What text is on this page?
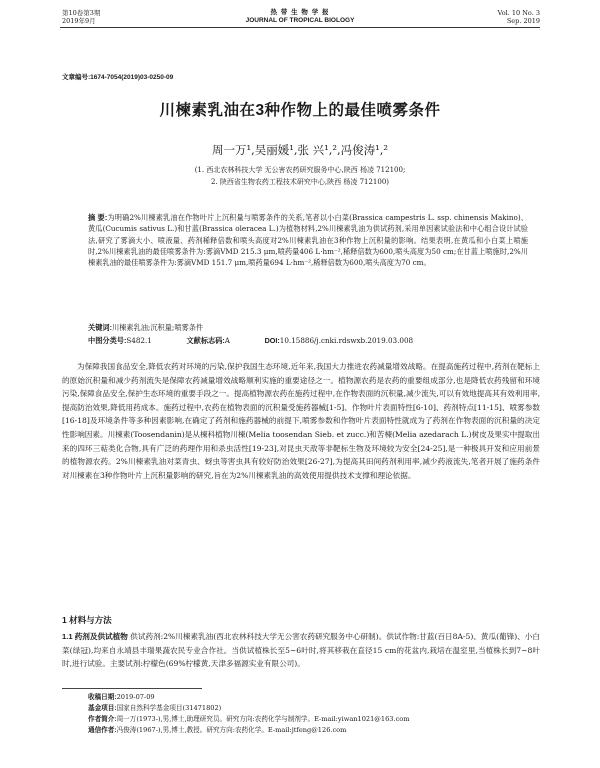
第10卷第3期
2019年9月
热 带 生 物 学 报
JOURNAL OF TROPICAL BIOLOGY
Vol. 10 No. 3
Sep. 2019
文章编号:1674-7054(2019)03-0250-09
川楝素乳油在3种作物上的最佳喷雾条件
周一万¹,吴丽媛¹,张 兴¹,²,冯俊涛¹,²
(1. 西北农林科技大学 无公害农药研究服务中心,陕西 杨凌 712100;
2. 陕西省生物农药工程技术研究中心,陕西 杨凌 712100)
摘 要:为明确2%川楝素乳油在作物叶片上沉积量与喷雾条件的关系,笔者以小白菜(Brassica campestris L. ssp. chinensis Makino)、黄瓜(Cucumis sativus L.)和甘蓝(Brassica oleracea L.)为植物材料,2%川楝素乳油为供试药剂,采用单因素试验法和中心组合设计试验法,研究了雾滴大小、喷液量、药剂稀释倍数和喷头高度对2%川楝素乳油在3种作物上沉积量的影响。结果表明,在黄瓜和小白菜上喷施时,2%川楝素乳油的最佳喷雾条件为:雾滴VMD 215.3 μm,喷药量406 L·hm⁻²,稀释倍数为600,喷头高度为50 cm;在甘蓝上喷施时,2%川楝素乳油的最佳喷雾条件为:雾滴VMD 151.7 μm,喷药量694 L·hm⁻²,稀释倍数为600,喷头高度为70 cm。
关键词:川楝素乳油;沉积量;喷雾条件
中图分类号:S482.1	文献标志码:A	DOI:10.15886/j.cnki.rdswxb.2019.03.008
为保障我国食品安全,降低农药对环境的污染,保护我国生态环境,近年来,我国大力推进农药减量增效战略。在提高施药过程中,药剂在靶标上的原始沉积量和减少药剂流失是保障农药减量增效战略顺利实施的重要途径之一。植物源农药是农药的重要组成部分,也是降低农药残留和环境污染,保障食品安全,保护生态环境的重要手段之一。提高植物源农药在施药过程中,在作物表面的沉积量,减少流失,可以有效地提高其有效利用率,提高防治效果,降低用药成本。施药过程中,农药在植物表面的沉积量受施药器械[1-5]、作物叶片表面特性[6-10]、药剂特点[11-15]、喷雾参数[16-18]及环境条件等多种因素影响,在确定了药剂和施药器械的前提下,喷雾参数和作物叶片表面特性就成为了药剂在作物表面的沉积量的决定性影响因素。川楝素(Toosendanin)是从楝科植物川楝(Melia toosendan Sieb. et zucc.)和苦楝(Melia azedarach L.)树皮及果实中提取出来的四环三萜类化合物,具有广泛的药理作用和杀虫活性[19-23],对昆虫天敌等非靶标生物及环境较为安全[24-25],是一种极具开发和应用前景的植物源农药。2%川楝素乳油对菜青虫、蚜虫等害虫具有较好防治效果[26-27],为提高其田间药剂利用率,减少药液流失,笔者开展了施药条件对川楝素在3种作物叶片上沉积量影响的研究,旨在为2%川楝素乳油的高效使用提供技术支撑和理论依据。
1 材料与方法
1.1 药剂及供试植物 供试药剂:2%川楝素乳油(西北农林科技大学无公害农药研究服务中心研制)。供试作物:甘蓝(百日8A-5)、黄瓜(葡锋)、小白菜(绿冠),均来自永靖县丰瑞果蔬农民专业合作社。当供试植株长至5~6叶时,将其移栽在直径15 cm的花盆内,栽培在温室里,当植株长到7~8叶时,进行试验。主要试剂:柠檬色(69%柠檬黄,天津多福源实业有限公司)。
收稿日期:2019-07-09
基金项目:国家自然科学基金项目(31471802)
作者简介:周一万(1973-),男,博士,助理研究员。研究方向:农药化学与制剂学。E-mail:yiwan1021@163.com
通信作者:冯俊涛(1967-),男,博士,教授。研究方向:农药化学。E-mail:jtfeng@126.com
